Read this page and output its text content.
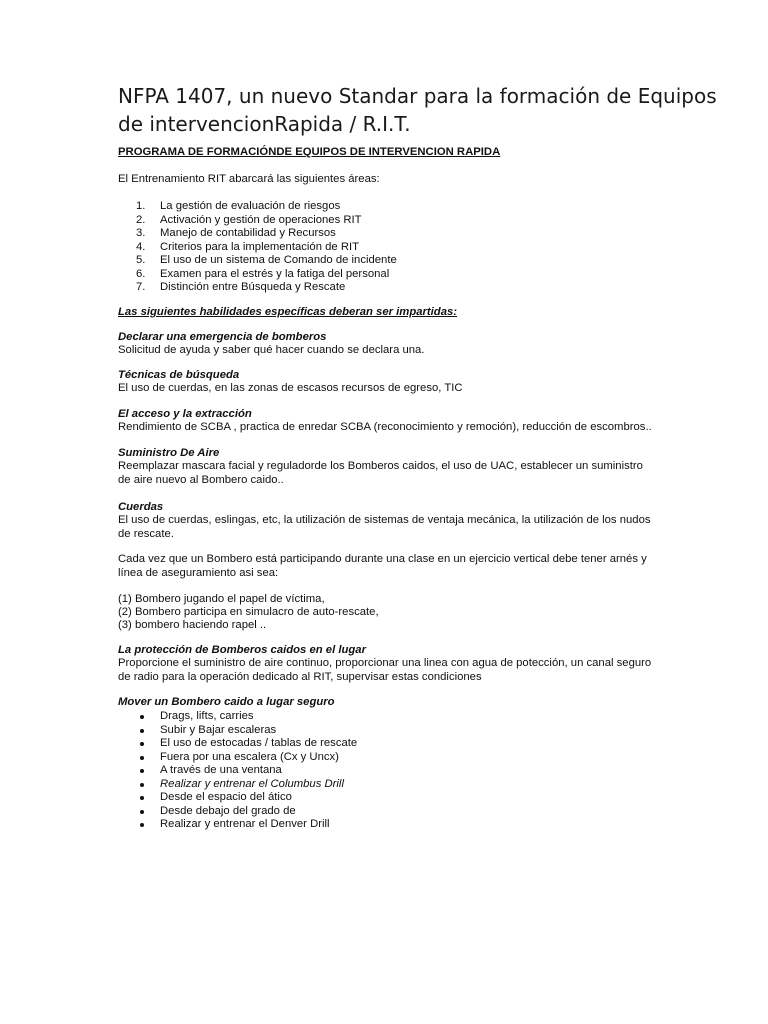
NFPA 1407, un nuevo Standar para la formación de Equipos de intervencionRapida / R.I.T.
PROGRAMA DE FORMACIÓNDE EQUIPOS DE INTERVENCION RAPIDA
El Entrenamiento RIT abarcará las siguientes áreas:
1. La gestión de evaluación de riesgos
2. Activación y gestión de operaciones RIT
3. Manejo de contabilidad y Recursos
4. Criterios para la implementación de RIT
5. El uso de un sistema de Comando de incidente
6. Examen para el estrés y la fatiga del personal
7. Distinción entre Búsqueda y Rescate
Las siguientes habilidades específicas deberan ser impartidas:
Declarar una emergencia de bomberos
Solicitud de ayuda y saber qué hacer cuando se declara una.
Técnicas de búsqueda
El uso de cuerdas, en las zonas de escasos recursos de egreso, TIC
El acceso y la extracción
Rendimiento de SCBA , practica de enredar SCBA (reconocimiento y remoción), reducción de escombros..
Suministro De Aire
Reemplazar mascara facial y reguladorde los Bomberos caidos, el uso de UAC, establecer un suministro de aire nuevo al Bombero caido..
Cuerdas
El uso de cuerdas, eslingas, etc, la utilización de sistemas de ventaja mecánica, la utilización de los nudos de rescate.
Cada vez que un Bombero está participando durante una clase en un ejercicio vertical debe tener arnés y línea de aseguramiento asi sea:
(1) Bombero jugando el papel de víctima,
(2) Bombero participa en simulacro de auto-rescate,
(3) bombero haciendo rapel ..
La protección de Bomberos caidos en el lugar
Proporcione el suministro de aire continuo, proporcionar una linea con agua de potección, un canal seguro de radio para la operación dedicado al RIT, supervisar estas condiciones
Mover un Bombero caido a lugar seguro
Drags, lifts, carries
Subir y Bajar escaleras
El uso de estocadas / tablas de rescate
Fuera por una escalera (Cx y Uncx)
A través de una ventana
Realizar y entrenar el Columbus Drill
Desde el espacio del ático
Desde debajo del grado de
Realizar y entrenar el Denver Drill
